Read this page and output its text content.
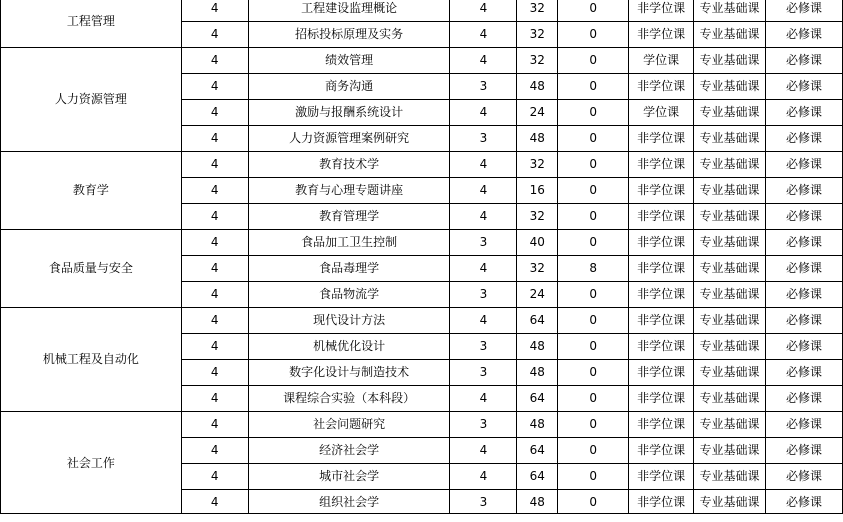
工程管理	4	工程建设监理概论	4	32	0	非学位课	专业基础课	必修课
	4	招标投标原理及实务	4	32	0	非学位课	专业基础课	必修课
人力资源管理	4	绩效管理	4	32	0	学位课	专业基础课	必修课
	4	商务沟通	3	48	0	非学位课	专业基础课	必修课
	4	激励与报酬系统设计	4	24	0	学位课	专业基础课	必修课
	4	人力资源管理案例研究	3	48	0	非学位课	专业基础课	必修课
教育学	4	教育技术学	4	32	0	非学位课	专业基础课	必修课
	4	教育与心理专题讲座	4	16	0	非学位课	专业基础课	必修课
	4	教育管理学	4	32	0	非学位课	专业基础课	必修课
食品质量与安全	4	食品加工卫生控制	3	40	0	非学位课	专业基础课	必修课
	4	食品毒理学	4	32	8	非学位课	专业基础课	必修课
	4	食品物流学	3	24	0	非学位课	专业基础课	必修课
机械工程及自动化	4	现代设计方法	4	64	0	非学位课	专业基础课	必修课
	4	机械优化设计	3	48	0	非学位课	专业基础课	必修课
	4	数字化设计与制造技术	3	48	0	非学位课	专业基础课	必修课
	4	课程综合实验（本科段）	4	64	0	非学位课	专业基础课	必修课
社会工作	4	社会问题研究	3	48	0	非学位课	专业基础课	必修课
	4	经济社会学	4	64	0	非学位课	专业基础课	必修课
	4	城市社会学	4	64	0	非学位课	专业基础课	必修课
	4	组织社会学	3	48	0	非学位课	专业基础课	必修课
